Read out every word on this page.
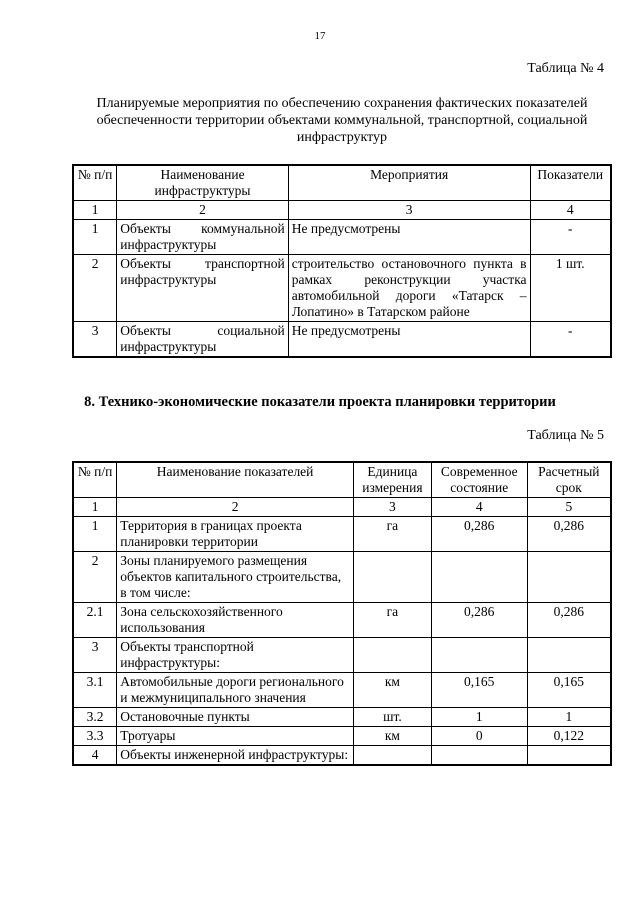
17
Таблица № 4
Планируемые мероприятия по обеспечению сохранения фактических показателей обеспеченности территории объектами коммунальной, транспортной, социальной инфраструктур
№ п/п	Наименование инфраструктуры	Мероприятия	Показатели
1	2	3	4
1	Объекты коммунальной инфраструктуры	Не предусмотрены	-
2	Объекты транспортной инфраструктуры	строительство остановочного пункта в рамках реконструкции участка автомобильной дороги «Татарск – Лопатино» в Татарском районе	1 шт.
3	Объекты социальной инфраструктуры	Не предусмотрены	-
8. Технико-экономические показатели проекта планировки территории
Таблица № 5
№ п/п	Наименование показателей	Единица измерения	Современное состояние	Расчетный срок
1	2	3	4	5
1	Территория в границах проекта планировки территории	га	0,286	0,286
2	Зоны планируемого размещения объектов капитального строительства, в том числе:			
2.1	Зона сельскохозяйственного использования	га	0,286	0,286
3	Объекты транспортной инфраструктуры:			
3.1	Автомобильные дороги регионального и межмуниципального значения	км	0,165	0,165
3.2	Остановочные пункты	шт.	1	1
3.3	Тротуары	км	0	0,122
4	Объекты инженерной инфраструктуры:			
